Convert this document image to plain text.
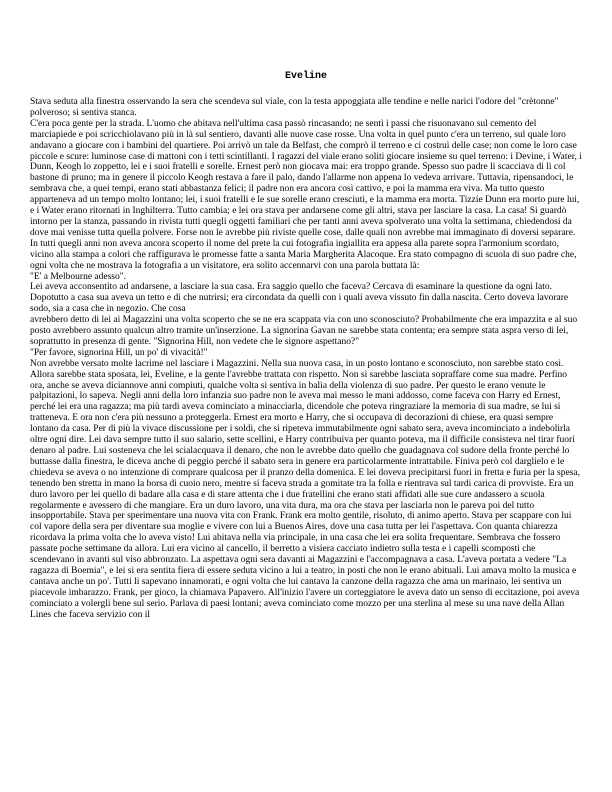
Eveline

Stava seduta alla finestra osservando la sera che scendeva sul viale, con la testa appoggiata alle tendine e nelle narici l'odore del "crètonne" polveroso; si sentiva stanca.

C'era poca gente per la strada. L'uomo che abitava nell'ultima casa passò rincasando; ne sentì i passi che risuonavano sul cemento del marciapiede e poi scricchiolavano più in là sul sentiero, davanti alle nuove case rosse. Una volta in quel punto c'era un terreno, sul quale loro andavano a giocare con i bambini del quartiere. Poi arrivò un tale da Belfast, che comprò il terreno e ci costruì delle case; non come le loro case piccole e scure: luminose case di mattoni con i tetti scintillanti. I ragazzi del viale erano soliti giocare insieme su quel terreno: i Devine, i Water, i Dunn, Keogh lo zoppetto, lei e i suoi fratelli e sorelle. Ernest però non giocava mai: era troppo grande. Spesso suo padre li scacciava di lì col bastone di pruno; ma in genere il piccolo Keogh restava a fare il palo, dando l'allarme non appena lo vedeva arrivare. Tuttavia, ripensandoci, le sembrava che, a quei tempi, erano stati abbastanza felici; il padre non era ancora così cattivo, e poi la mamma era viva. Ma tutto questo apparteneva ad un tempo molto lontano; lei, i suoi fratelli e le sue sorelle erano cresciuti, e la mamma era morta. Tizzie Dunn era morto pure lui, e i Water erano ritornati in Inghilterra. Tutto cambia; e lei ora stava per andarsene come gli altri, stava per lasciare la casa. La casa! Si guardò intorno per la stanza, passando in rivista tutti quegli oggetti familiari che per tanti anni aveva spolverato una volta la settimana, chiedendosi da dove mai venisse tutta quella polvere. Forse non le avrebbe più riviste quelle cose, dalle quali non avrebbe mai immaginato di doversi separare. In tutti quegli anni non aveva ancora scoperto il nome del prete la cui fotografia ingiallita era appesa alla parete sopra l'armonium scordato, vicino alla stampa a colori che raffigurava le promesse fatte a santa Maria Margherita Alacoque. Era stato compagno di scuola di suo padre che, ogni volta che ne mostrava la fotografia a un visitatore, era solito accennarvi con una parola buttata là:

"E' a Melbourne adesso".

Lei aveva acconsentito ad andarsene, a lasciare la sua casa. Era saggio quello che faceva? Cercava di esaminare la questione da ogni lato. Dopotutto a casa sua aveva un tetto e di che nutrirsi; era circondata da quelli con i quali aveva vissuto fin dalla nascita. Certo doveva lavorare sodo, sia a casa che in negozio. Che cosa

avrebbero detto di lei ai Magazzini una volta scoperto che se ne era scappata via con uno sconosciuto? Probabilmente che era impazzita e al suo posto avrebbero assunto qualcun altro tramite un'inserzione. La signorina Gavan ne sarebbe stata contenta; era sempre stata aspra verso di lei, soprattutto in presenza di gente. "Signorina Hill, non vedete che le signore aspettano?"

"Per favore, signorina Hill, un po' di vivacità!"

Non avrebbe versato molte lacrime nel lasciare i Magazzini. Nella sua nuova casa, in un posto lontano e sconosciuto, non sarebbe stato così. Allora sarebbe stata sposata, lei, Eveline, e la gente l'avrebbe trattata con rispetto. Non si sarebbe lasciata sopraffare come sua madre. Perfino ora, anche se aveva diciannove anni compiuti, qualche volta si sentiva in balìa della violenza di suo padre. Per questo le erano venute le palpitazioni, lo sapeva. Negli anni della loro infanzia suo padre non le aveva mai messo le mani addosso, come faceva con Harry ed Ernest, perché lei era una ragazza; ma più tardi aveva cominciato a minacciarla, dicendole che poteva ringraziare la memoria di sua madre, se lui si tratteneva. E ora non c'era più nessuno a proteggerla. Ernest era morto e Harry, che si occupava di decorazioni di chiese, era quasi sempre lontano da casa. Per di più la vivace discussione per i soldi, che si ripeteva immutabilmente ogni sabato sera, aveva incominciato a indebolirla oltre ogni dire. Lei dava sempre tutto il suo salario, sette scellini, e Harry contribuiva per quanto poteva, ma il difficile consisteva nel tirar fuori denaro al padre. Lui sosteneva che lei scialacquava il denaro, che non le avrebbe dato quello che guadagnava col sudore della fronte perché lo buttasse dalla finestra, le diceva anche di peggio perché il sabato sera in genere era particolarmente intrattabile. Finiva però col darglielo e le chiedeva se aveva o no intenzione di comprare qualcosa per il pranzo della domenica. E lei doveva precipitarsi fuori in fretta e furia per la spesa, tenendo ben stretta in mano la borsa di cuoio nero, mentre si faceva strada a gomitate tra la folla e rientrava sul tardi carica di provviste. Era un duro lavoro per lei quello di badare alla casa e di stare attenta che i due fratellini che erano stati affidati alle sue cure andassero a scuola regolarmente e avessero di che mangiare. Era un duro lavoro, una vita dura, ma ora che stava per lasciarla non le pareva poi del tutto insopportabile. Stava per sperimentare una nuova vita con Frank. Frank era molto gentile, risoluto, di animo aperto. Stava per scappare con lui col vapore della sera per diventare sua moglie e vivere con lui a Buenos Aires, dove una casa tutta per lei l'aspettava. Con quanta chiarezza ricordava la prima volta che lo aveva visto! Lui abitava nella via principale, in una casa che lei era solita frequentare. Sembrava che fossero passate poche settimane da allora. Lui era vicino al cancello, il berretto a visiera cacciato indietro sulla testa e i capelli scomposti che scendevano in avanti sul viso abbronzato. La aspettava ogni sera davanti ai Magazzini e l'accompagnava a casa. L'aveva portata a vedere "La ragazza di Boemia", e lei si era sentita fiera di essere seduta vicino a lui a teatro, in posti che non le erano abituali. Lui amava molto la musica e cantava anche un po'. Tutti li sapevano innamorati, e ogni volta che lui cantava la canzone della ragazza che ama un marinaio, lei sentiva un piacevole imbarazzo. Frank, per gioco, la chiamava Papavero. All'inizio l'avere un corteggiatore le aveva dato un senso di eccitazione, poi aveva cominciato a volergli bene sul serio. Parlava di paesi lontani; aveva cominciato come mozzo per una sterlina al mese su una nave della Allan Lines che faceva servizio con il
